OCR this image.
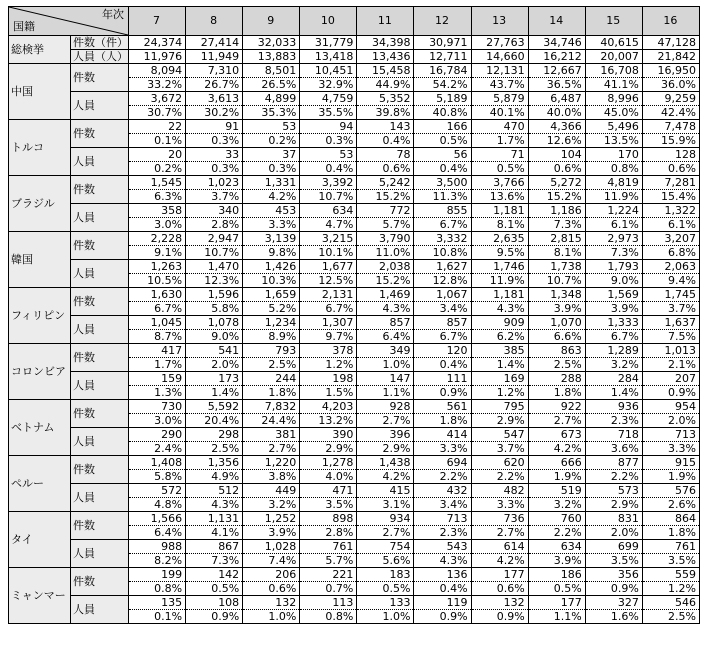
年次
国籍		7	8	9	10	11	12	13	14	15	16
総検挙	件数（件）	24,374	27,414	32,033	31,779	34,398	30,971	27,763	34,746	40,615	47,128
	人員（人）	11,976	11,949	13,883	13,418	13,436	12,711	14,660	16,212	20,007	21,842
中国	件数	8,094	7,310	8,501	10,451	15,458	16,784	12,131	12,667	16,708	16,950
		33.2%	26.7%	26.5%	32.9%	44.9%	54.2%	43.7%	36.5%	41.1%	36.0%
	人員	3,672	3,613	4,899	4,759	5,352	5,189	5,879	6,487	8,996	9,259
		30.7%	30.2%	35.3%	35.5%	39.8%	40.8%	40.1%	40.0%	45.0%	42.4%
トルコ	件数	22	91	53	94	143	166	470	4,366	5,496	7,478
		0.1%	0.3%	0.2%	0.3%	0.4%	0.5%	1.7%	12.6%	13.5%	15.9%
	人員	20	33	37	53	78	56	71	104	170	128
		0.2%	0.3%	0.3%	0.4%	0.6%	0.4%	0.5%	0.6%	0.8%	0.6%
ブラジル	件数	1,545	1,023	1,331	3,392	5,242	3,500	3,766	5,272	4,819	7,281
		6.3%	3.7%	4.2%	10.7%	15.2%	11.3%	13.6%	15.2%	11.9%	15.4%
	人員	358	340	453	634	772	855	1,181	1,186	1,224	1,322
		3.0%	2.8%	3.3%	4.7%	5.7%	6.7%	8.1%	7.3%	6.1%	6.1%
韓国	件数	2,228	2,947	3,139	3,215	3,790	3,332	2,635	2,815	2,973	3,207
		9.1%	10.7%	9.8%	10.1%	11.0%	10.8%	9.5%	8.1%	7.3%	6.8%
	人員	1,263	1,470	1,426	1,677	2,038	1,627	1,746	1,738	1,793	2,063
		10.5%	12.3%	10.3%	12.5%	15.2%	12.8%	11.9%	10.7%	9.0%	9.4%
フィリピン	件数	1,630	1,596	1,659	2,131	1,469	1,067	1,181	1,348	1,569	1,745
		6.7%	5.8%	5.2%	6.7%	4.3%	3.4%	4.3%	3.9%	3.9%	3.7%
	人員	1,045	1,078	1,234	1,307	857	857	909	1,070	1,333	1,637
		8.7%	9.0%	8.9%	9.7%	6.4%	6.7%	6.2%	6.6%	6.7%	7.5%
コロンビア	件数	417	541	793	378	349	120	385	863	1,289	1,013
		1.7%	2.0%	2.5%	1.2%	1.0%	0.4%	1.4%	2.5%	3.2%	2.1%
	人員	159	173	244	198	147	111	169	288	284	207
		1.3%	1.4%	1.8%	1.5%	1.1%	0.9%	1.2%	1.8%	1.4%	0.9%
ベトナム	件数	730	5,592	7,832	4,203	928	561	795	922	936	954
		3.0%	20.4%	24.4%	13.2%	2.7%	1.8%	2.9%	2.7%	2.3%	2.0%
	人員	290	298	381	390	396	414	547	673	718	713
		2.4%	2.5%	2.7%	2.9%	2.9%	3.3%	3.7%	4.2%	3.6%	3.3%
ペルー	件数	1,408	1,356	1,220	1,278	1,438	694	620	666	877	915
		5.8%	4.9%	3.8%	4.0%	4.2%	2.2%	2.2%	1.9%	2.2%	1.9%
	人員	572	512	449	471	415	432	482	519	573	576
		4.8%	4.3%	3.2%	3.5%	3.1%	3.4%	3.3%	3.2%	2.9%	2.6%
タイ	件数	1,566	1,131	1,252	898	934	713	736	760	831	864
		6.4%	4.1%	3.9%	2.8%	2.7%	2.3%	2.7%	2.2%	2.0%	1.8%
	人員	988	867	1,028	761	754	543	614	634	699	761
		8.2%	7.3%	7.4%	5.7%	5.6%	4.3%	4.2%	3.9%	3.5%	3.5%
ミャンマー	件数	199	142	206	221	183	136	177	186	356	559
		0.8%	0.5%	0.6%	0.7%	0.5%	0.4%	0.6%	0.5%	0.9%	1.2%
	人員	135	108	132	113	133	119	132	177	327	546
		0.1%	0.9%	1.0%	0.8%	1.0%	0.9%	0.9%	1.1%	1.6%	2.5%
